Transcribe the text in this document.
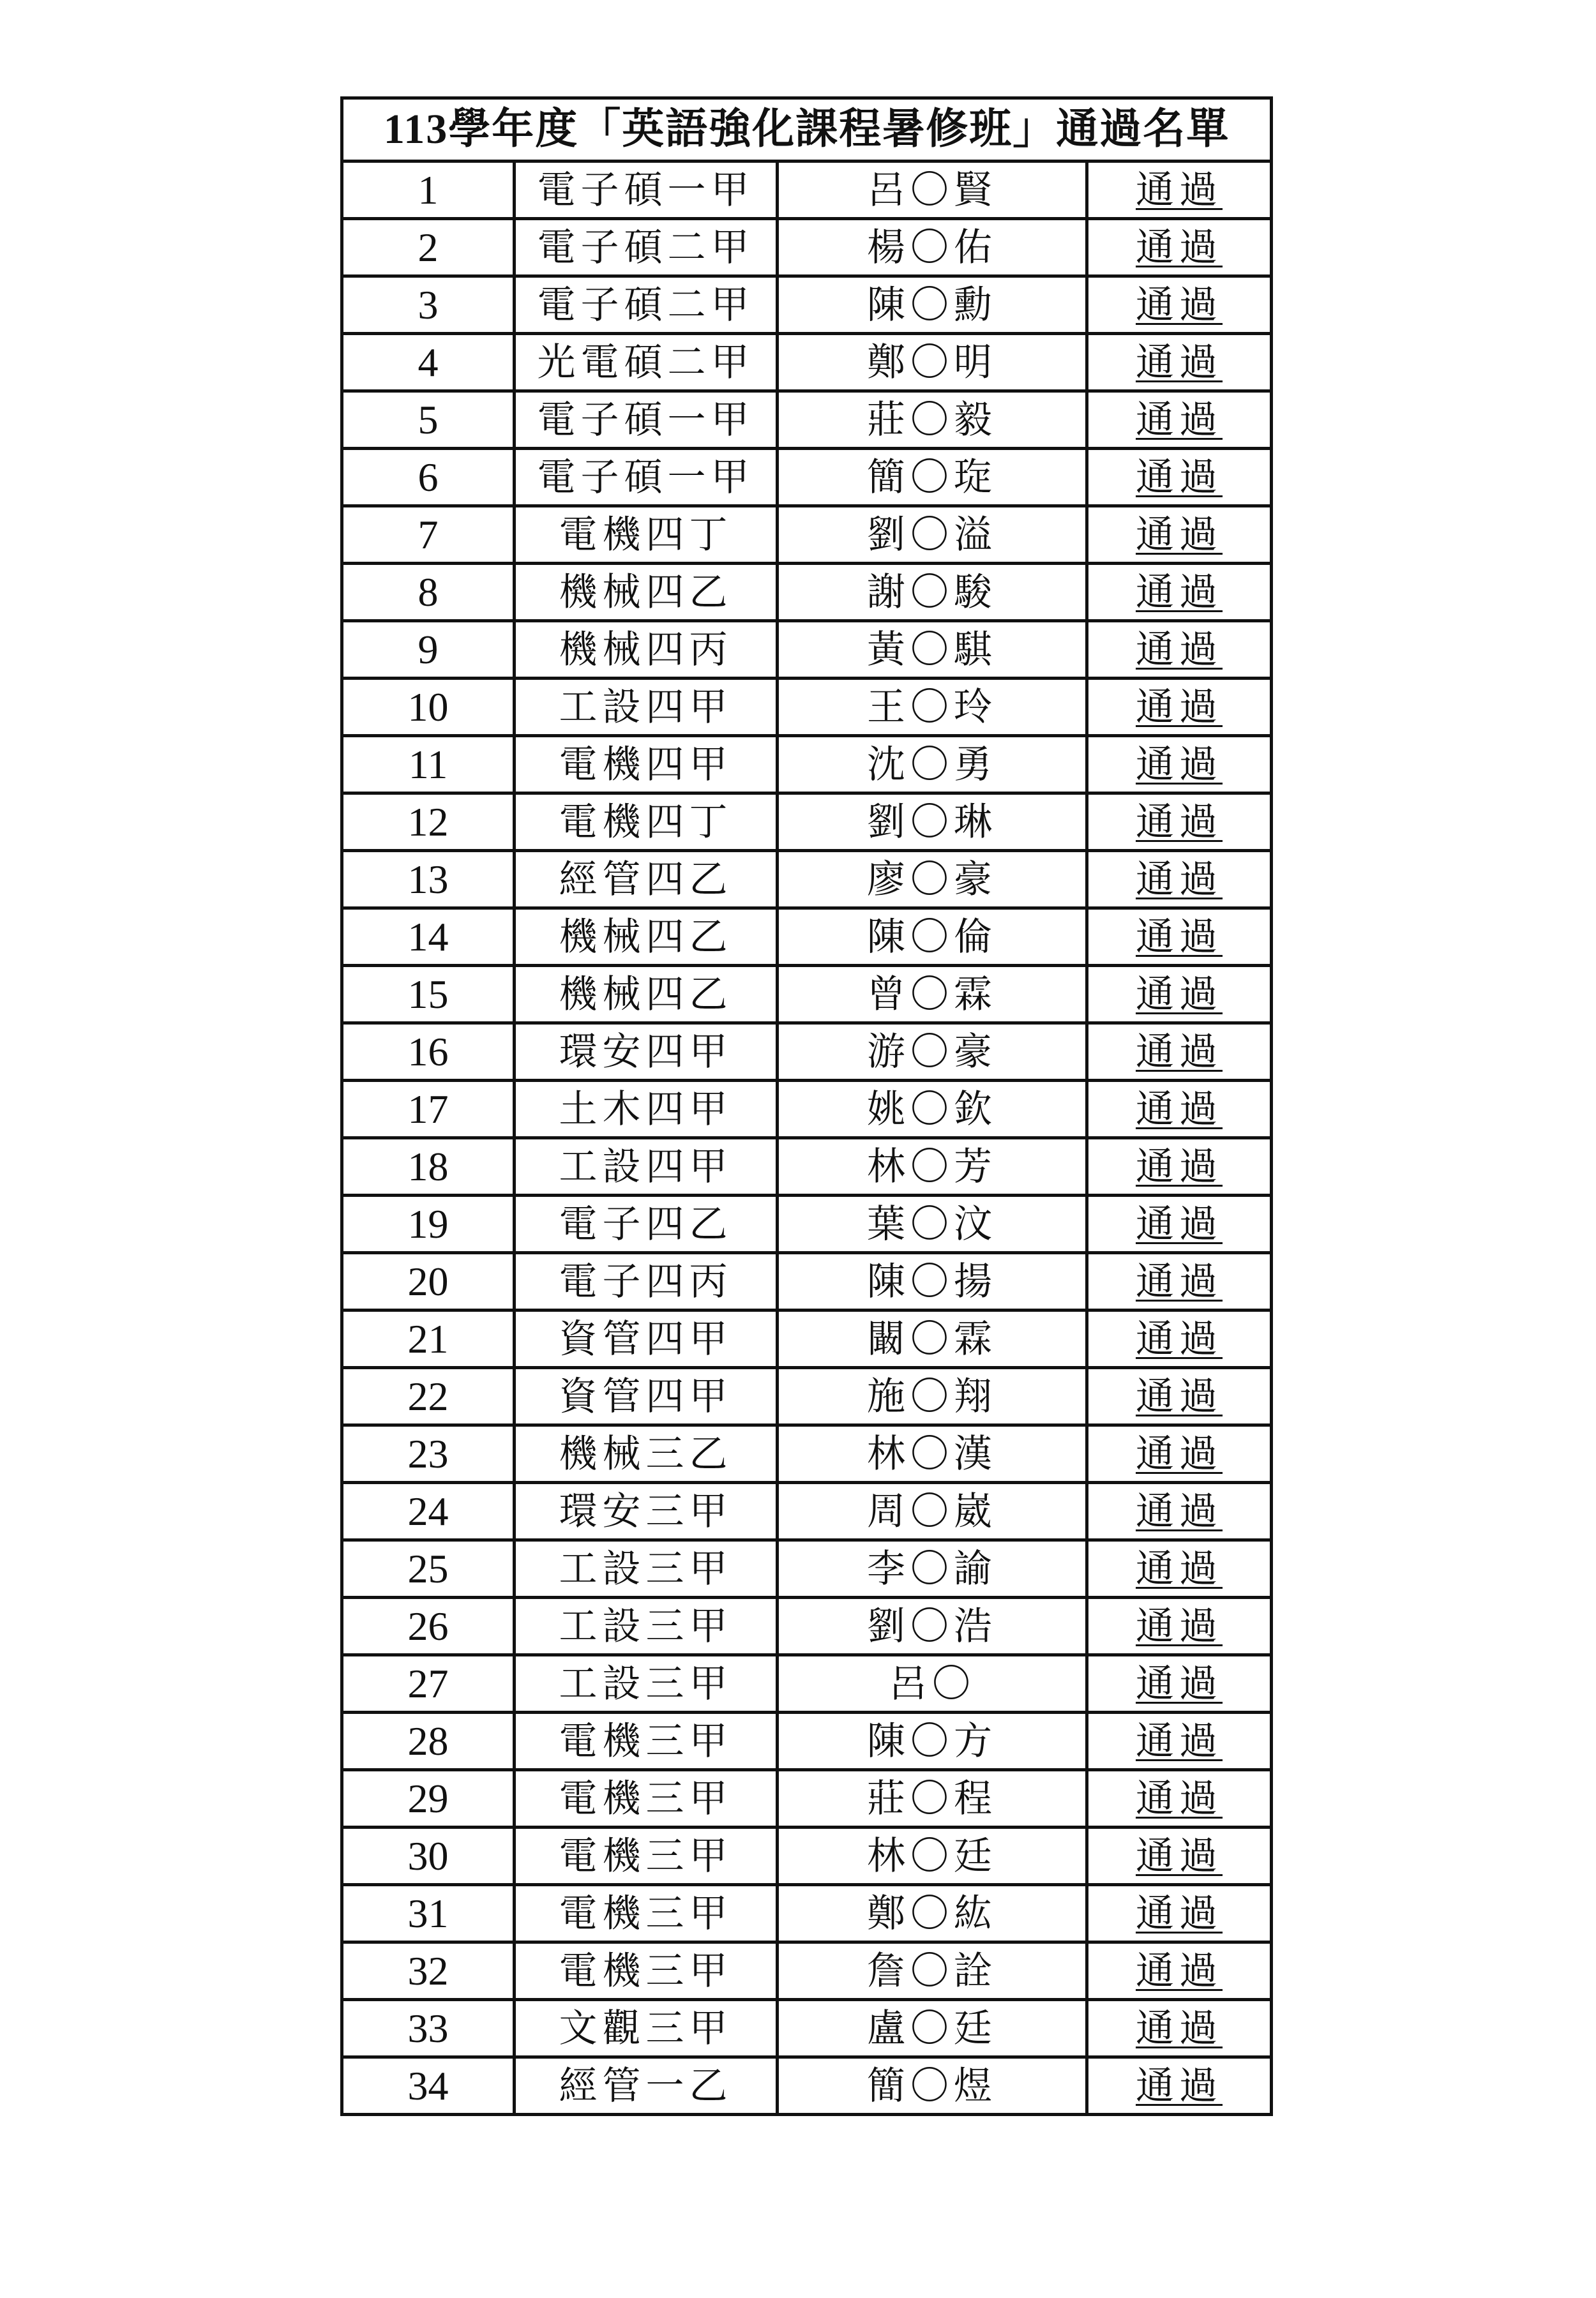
113學年度「英語強化課程暑修班」通過名單			
1	電子碩一甲	呂〇賢	通過
2	電子碩二甲	楊〇佑	通過
3	電子碩二甲	陳〇勳	通過
4	光電碩二甲	鄭〇明	通過
5	電子碩一甲	莊〇毅	通過
6	電子碩一甲	簡〇琁	通過
7	電機四丁	劉〇溢	通過
8	機械四乙	謝〇駿	通過
9	機械四丙	黃〇騏	通過
10	工設四甲	王〇玲	通過
11	電機四甲	沈〇勇	通過
12	電機四丁	劉〇琳	通過
13	經管四乙	廖〇豪	通過
14	機械四乙	陳〇倫	通過
15	機械四乙	曾〇霖	通過
16	環安四甲	游〇豪	通過
17	土木四甲	姚〇欽	通過
18	工設四甲	林〇芳	通過
19	電子四乙	葉〇汶	通過
20	電子四丙	陳〇揚	通過
21	資管四甲	闞〇霖	通過
22	資管四甲	施〇翔	通過
23	機械三乙	林〇漢	通過
24	環安三甲	周〇崴	通過
25	工設三甲	李〇諭	通過
26	工設三甲	劉〇浩	通過
27	工設三甲	呂〇	通過
28	電機三甲	陳〇方	通過
29	電機三甲	莊〇程	通過
30	電機三甲	林〇廷	通過
31	電機三甲	鄭〇紘	通過
32	電機三甲	詹〇詮	通過
33	文觀三甲	盧〇廷	通過
34	經管一乙	簡〇煜	通過
